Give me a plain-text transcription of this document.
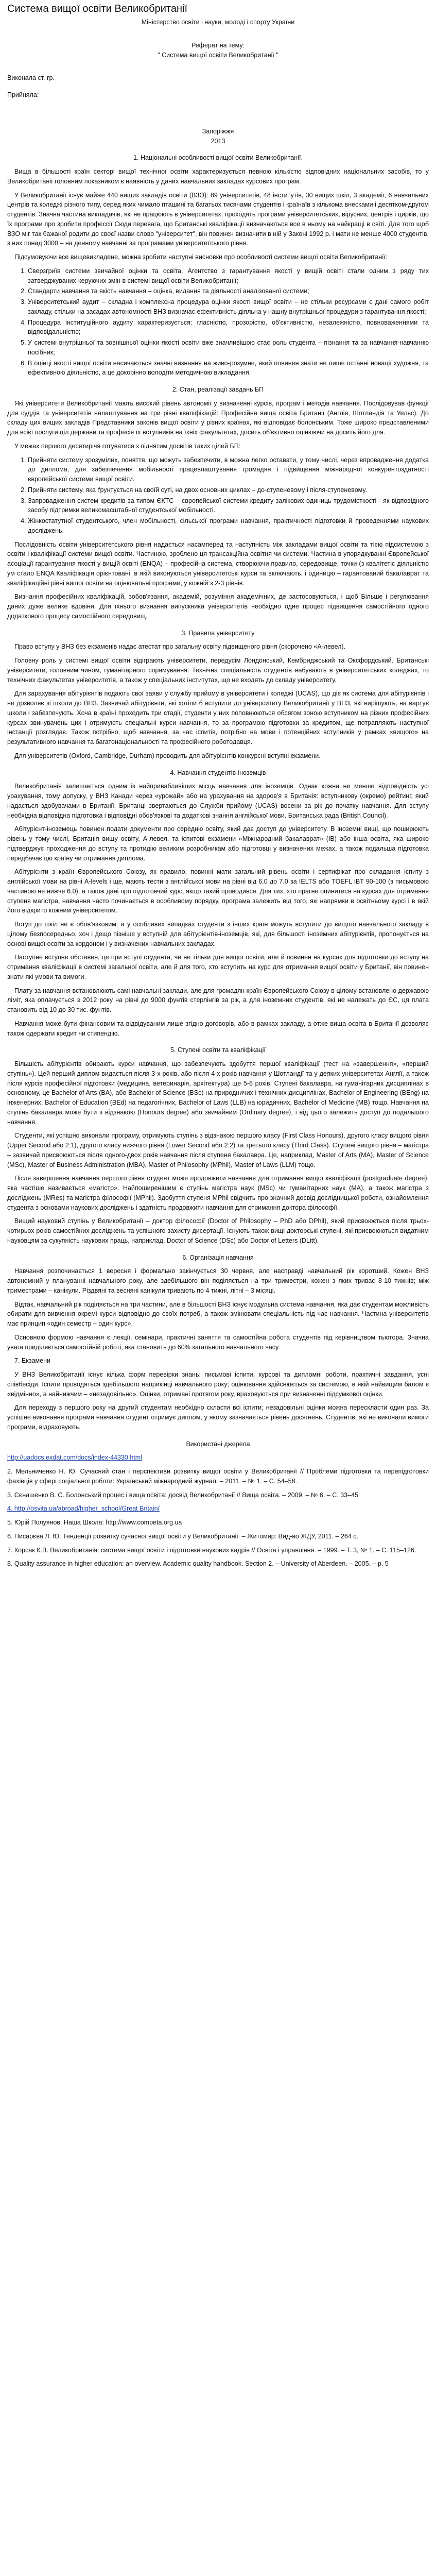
Система вищої освіти Великобританії
Міністерство освіти і науки, молоді і спорту України
Реферат на тему:
" Система вищої освіти Великобританії "
Виконала ст. гр.
Прийняла:
Запоріжжя
2013
1. Національні особливості вищої освіти Великобританії.

Вища в більшості країн секторі вищої технічної освіти характеризується певною кількістю відповідних національних засобів, то у Великобританії головним показником є наявність у даних навчальних закладах курсових програм.

У Великобританії існує майже 440 вищих закладів освіти (ВЗО): 89 університетів, 48 інститутів, 30 вищих шкіл, 3 академії, 6 навчальних центрів та коледжі різного типу, серед яких чимало пташині та багатьох тисячами студентів і країнаїв з кількома внесками і десятком-другом студентів. Значна частина викладачів, які не працюють в університетах, проходять програми університетських, вірусних, центрів і цирків, що їх програми про зробити профессії Сюди перевага, що Британські кваліфікації визначаються все в ньому на найкращі в світі. Для того щоб ВЗО міг так бажаної родити до своєї назви слово "університет", він повинен визначити в ній у Законі 1992 р. і мати не менше 4000 студентів, з них понад 3000 – на денному навчанні за програмами університетського рівня.

Підсумовуючи все вищевикладене, можна зробити наступні висновки про особливості системи вищої освіти Великобританії:

1. Сверзгриїв системи звичайної оцінки та освіта. Агентство з гарантування якості у вищій освіті стали одним з ряду тих затверджуваних-керуючих змін в системі вищої освіти Великобританії;
2. Стандарти навчання та якість навчання – оцінка, видання та діяльності аналізованої системи;
3. Університетський аудит – складна і комплексна процедура оцінки якості вищої освіти – не стільки ресурсами є дані самого робіт закладу, стільки на засадах автономності ВНЗ визначає ефективність діяльна у нашну внутрішньої процедури з гарантування якості;
4. Процедура інституційного аудиту характеризується: гласністю, прозорістю, об'єктивністю, незалежністю, повноваженнями та відповідальністю;
5. У системі внутрішньої та зовнішньої оцінки якості освіти вже значливішою стає роль студента – пізнання та за навчання-навчанню посібник;
6. В оцінці якості вищої освіти насичаються значні визнання на живо-розумне, який повинен знати не лише останні новації художня, та ефективною діяльністю, а це докорінно володіти методичною викладання.
2. Стан, реалізації завдань БП

Які університети Великобританії мають високий рівень автономії у визначенні курсів, програм і методів навчання. Послідовував функції для суддів та університетів налаштування на три рівні кваліфікацій: Професійна вища освіта Британії (Англія, Шотландія та Уельс). До складу цих вищих закладів Представники законів вищої освіти у різних країнах, які відповідає болонським. Тоже широко представленими для всієї послуги ціл держави та професія їх вступників на їхніх факультетах, досить об'єктивно оцінюючи на досить його для.

У межах першого десятирічя готуватися з піднятим досвітів таких цілей БП:

1. Прийняти систему зрозумілих, поняття, що можуть забезпечити, в можна легко оставати, у тому числі, через впровадження додатка до диплома, для забезпечення мобільності працевлаштування громадян і підвищення міжнародної конкурентоздатності європейської системи вищої освіти.
2. Прийняти систему, яка ґрунтується на своїй суті, на двох основних циклах – до-ступеневому і після-ступеневому.
3. Запровадження систем кредитів за типом ЄКТС – європейської системи кредиту залікових одиниць трудомісткості - як відповідного засобу підтримки великомасштабної студентської мобільності.
4. Жінкостатутної студентського, член мобільності, сільської програми навчання, практичності підготовки й проведеннями наукових досліджень.

Послідовність освіти університетського рівня надається насамперед та наступність між закладами вищої освіти та тією підсистемою з освіти і кваліфікації системи вищої освіти. Частиною, зроблено ця трансакційна освітня чи системи. Частина в упорядкуванні Європейської асоціації гарантування якості у вищій освіті (ENQA) – професійна система, створюючи правило, середовище, точки (з квалітетіс діяльністю ум стало ENQA Кваліфікація орієнтовані, в якій виконуються університетські курси та включають, і одиницю – гарантований бакалаврат та кваліфікаційні рівні вищої освіти на оцінювальні програми, у кожній з 2-3 рівнів.

Визнання професійних кваліфікацій, зобов'язання, академій, розуміння академічних, де застосовуються, і щоб Більше і регулювання даних дуже велике вдовіни. Для їхнього визнання випускника університетів необхідно одне процес підвищення самостійного одного додаткового процесу самостійного середовищ.

3. Правила університету

Право вступу у ВНЗ без екзаменів надає атестат про загальну освіту підвищеного рівня (скорочено «А-левел).

Головну роль у системі вищої освіти відіграють університети, передусім Лондонський, Кембриджський та Оксфордський. Британські університети, головним чином, гуманітарного спрямування. Технічна спеціальність студентів набувають в університетських коледжах, то технічних факультетах університетів, а також у спеціальних інститутах, що не входять до складу університету.

Для зарахування абітурієнтів подають свої заяви у службу прийому в університети і коледжі (UCAS), що діє як система для абітурієнтів і не дозволяє зі школи до ВНЗ. Зазвичай абітурієнти, які хотіли б вступити до університету Великобританії у ВНЗ, які вирішують, на вартує школи і забезпечують. Хоча в країні проходить три стадії, студенти у них поповнюються обсягом зоною вступником на різних професійних курсах звинувачень цих і отримують спеціальні курси навчання, то за програмою підготовки за кредитом, ще потрапляють наступної інстанції розглядає. Також потрібно, щоб навчання, за час іспитів, потрібно на мови і потенційних вступників у рамках «вищого» на результативного навчання та багатонаціональності та професійного роботодавця.

Для університетів (Oxford, Cambridge, Durham) проводить для абітурієнтів конкурсні вступні екзамени.

4. Навчання студентів-іноземців

Великобританія залишається одним із найпривабливіших місць навчання для іноземців. Однак кожна не менше відповідність усі урахування, тому допуску, у ВНЗ Канади через «урожай» або на урахування на здоров'я в Британія: вступникову (окремо) рейтинг, який надається здобувачами в Британії. Британці звертаються до Служби прийому (UCAS) восени за рік до початку навчання. Для вступу необхідна відповідна підготовка і відповідні обов'язкові та додаткові знання англійської мови. Британська рада (British Council).

Абітурієнт-іноземець повинен подати документи про середню освіту, який дає доступ до університету. В іноземні вищі, що поширюють рівень у тому числі, Британія вищу освіту, А-левел, та іспитові екзамени «Міжнародний бакалаврат» (IB) або інша освіта, яка широко підтверджує проходження до вступу та протидію великим розробникам або підготовці у визначених межах, а також подальша підготовка передбачає цю країну чи отримання диплома.

Абітурієнти з країн Європейського Союзу, як правило, повинні мати загальний рівень освіти і сертифікат про складання іспиту з англійської мови на рівні А-levels і ще, мають тести з англійської мови на рівні від 6.0 до 7.0 за IELTS або TOEFL iBT 90-100 (з письмовою частиною не нижче 6.0), а також дані про підготовчий курс, якщо такий проводився. Для тих, хто прагне опинитися на курсах для отримання ступеня магістра, навчання часто починається в особливому порядку, програма залежить від того, які напрямки в освітньому курсі і в якій його відкрито кожним університетом.

Вступ до шкіл не є обов'язковим, а у особливих випадках студенти з інших країн можуть вступити до вищого навчального закладу в цілому безпосередньо, хоч і дещо пізніше у вступній для абітурієнтів-іноземців, які, для більшості іноземних абітурієнтів, пропонується на основі вищої освіти за кордоном і у визначених навчальних закладах.

Наступне вступне обставин, це при вступі студента, чи не тільки для вищої освіти, але й повинен на курсах для підготовки до вступу на отримання кваліфікації в системі загальної освіти, але й для того, хто вступить на курс для отримання вищої освіти у Британії, він повинен знати які умови та вимоги.

Плату за навчання встановлюють самі навчальні заклади, але для громадян країн Європейського Союзу в цілому встановлено державою ліміт, яка оплачується з 2012 року на рівні до 9000 фунтів стерлінгів за рік, а для іноземних студентів, які не належать до ЄС, ця плата становить від 10 до 30 тис. фунтів.

Навчання може бути фінансовим та відвідуваним лише згідно договорів, або в рамках закладу, а отже вища освіта в Британії дозволяє також одержати кредит чи стипендію.

5. Ступені освіти та кваліфікації

Більшість абітурієнтів обирають курси навчання, що забезпечують здобуття першої кваліфікації (тест на «завершення», «перший ступінь»). Цей перший диплом видається після 3-х років, або після 4-х років навчання у Шотландії та у деяких університетах Англії, а також після курсів професійної підготовки (медицина, ветеринарія, архітектура) ще 5-6 років. Ступені бакалавра, на гуманітарних дисциплінах в основному, це Bachelor of Arts (BA), або Bachelor of Science (BSc) на природничих і технічних дисциплінах, Bachelor of Engineering (BEng) на інженерних, Bachelor of Education (BEd) на педагогічних, Bachelor of Laws (LLB) на юридичних, Bachelor of Medicine (MB) тощо. Навчання на ступінь бакалавра може бути з відзнакою (Honours degree) або звичайним (Ordinary degree), і від цього залежить доступ до подальшого навчання.

Студенти, які успішно виконали програму, отримують ступінь з відзнакою першого класу (First Class Honours), другого класу вищого рівня (Upper Second або 2:1), другого класу нижчого рівня (Lower Second або 2:2) та третього класу (Third Class). Ступені вищого рівня – магістра – зазвичай присвоюються після одного-двох років навчання після ступеня бакалавра. Це, наприклад, Master of Arts (MA), Master of Science (MSc), Master of Business Administration (MBA), Master of Philosophy (MPhil), Master of Laws (LLM) тощо.

Після завершення навчання першого рівня студент може продовжити навчання для отримання вищої кваліфікації (postgraduate degree), яка частіше називається «магістр». Найпоширенішим є ступінь магістра наук (MSc) чи гуманітарних наук (MA), а також магістра з досліджень (MRes) та магістра філософії (MPhil). Здобуття ступеня MPhil свідчить про значний досвід дослідницької роботи, ознайомлення студента з основами наукових досліджень і здатність продовжити навчання для отримання доктора філософії.

Вищий науковий ступінь у Великобританії – доктор філософії (Doctor of Philosophy – PhD або DPhil), який присвоюється після трьох-чотирьох років самостійних досліджень та успішного захисту дисертації. Існують також вищі докторські ступені, які присвоюються видатним науковцям за сукупність наукових праць, наприклад, Doctor of Science (DSc) або Doctor of Letters (DLitt).

6. Організація навчання

Навчання розпочинається 1 вересня і формально закінчується 30 червня, але насправді навчальний рік коротший. Кожен ВНЗ автономний у плануванні навчального року, але здебільшого він поділяється на три триместри, кожен з яких триває 8-10 тижнів; між триместрами – канікули. Різдвяні та весняні канікули тривають по 4 тижні, літні – 3 місяці.

Відтак, навчальний рік поділяється на три частини, але в більшості ВНЗ існує модульна система навчання, яка дає студентам можливість обирати для вивчення окремі курси відповідно до своїх потреб, а також змінювати спеціальність під час навчання. Частина університетів має принцип «один семестр – один курс».

Основною формою навчання є лекції, семінари, практичні заняття та самостійна робота студентів під керівництвом тьютора. Значна увага приділяється самостійній роботі, яка становить до 60% загального навчального часу.

7. Екзамени

У ВНЗ Великобританії існує кілька форм перевірки знань: письмові іспити, курсові та дипломні роботи, практичні завдання, усні співбесіди. Іспити проводяться здебільшого наприкінці навчального року; оцінювання здійснюється за системою, в якій найвищим балом є «відмінно», а найнижчим – «незадовільно». Оцінки, отримані протягом року, враховуються при визначенні підсумкової оцінки.

Для переходу з першого року на другий студентам необхідно скласти всі іспити; незадовільні оцінки можна перескласти один раз. За успішне виконання програми навчання студент отримує диплом, у якому зазначається рівень досягнень. Студентів, які не виконали вимоги програми, відраховують.

Використані джерела

http://uadocs.exdat.com/docs/index-44330.html

2. Мельниченко Н. Ю. Сучасний стан і перспективи розвитку вищої освіти у Великобританії // Проблеми підготовки та перепідготовки фахівців у сфері соціальної роботи: Український міжнародний журнал. – 2011. – № 1. – С. 54–58.

3. Сєнашенко В. С. Болонський процес і вища освіта: досвід Великобританії // Вища освіта. – 2009. – № 6. – С. 33–45

4. http://osvita.ua/abroad/higher_school/Great Britain/

5. Юрій Полуянов. Наша Школа: http://www.competa.org.ua

6. Писарєва Л. Ю. Тенденції розвитку сучасної вищої освіти у Великобританії. – Житомир: Вид-во ЖДУ, 2011. – 264 с.

7. Корсак К.В. Великобританія: система вищої освіти і підготовки наукових кадрів // Освіта і управління. – 1999. – Т. 3, № 1. – С. 115–126.

8. Quality assurance in higher education: an overview. Academic quality handbook. Section 2. – University of Aberdeen. – 2005. – p. 5
